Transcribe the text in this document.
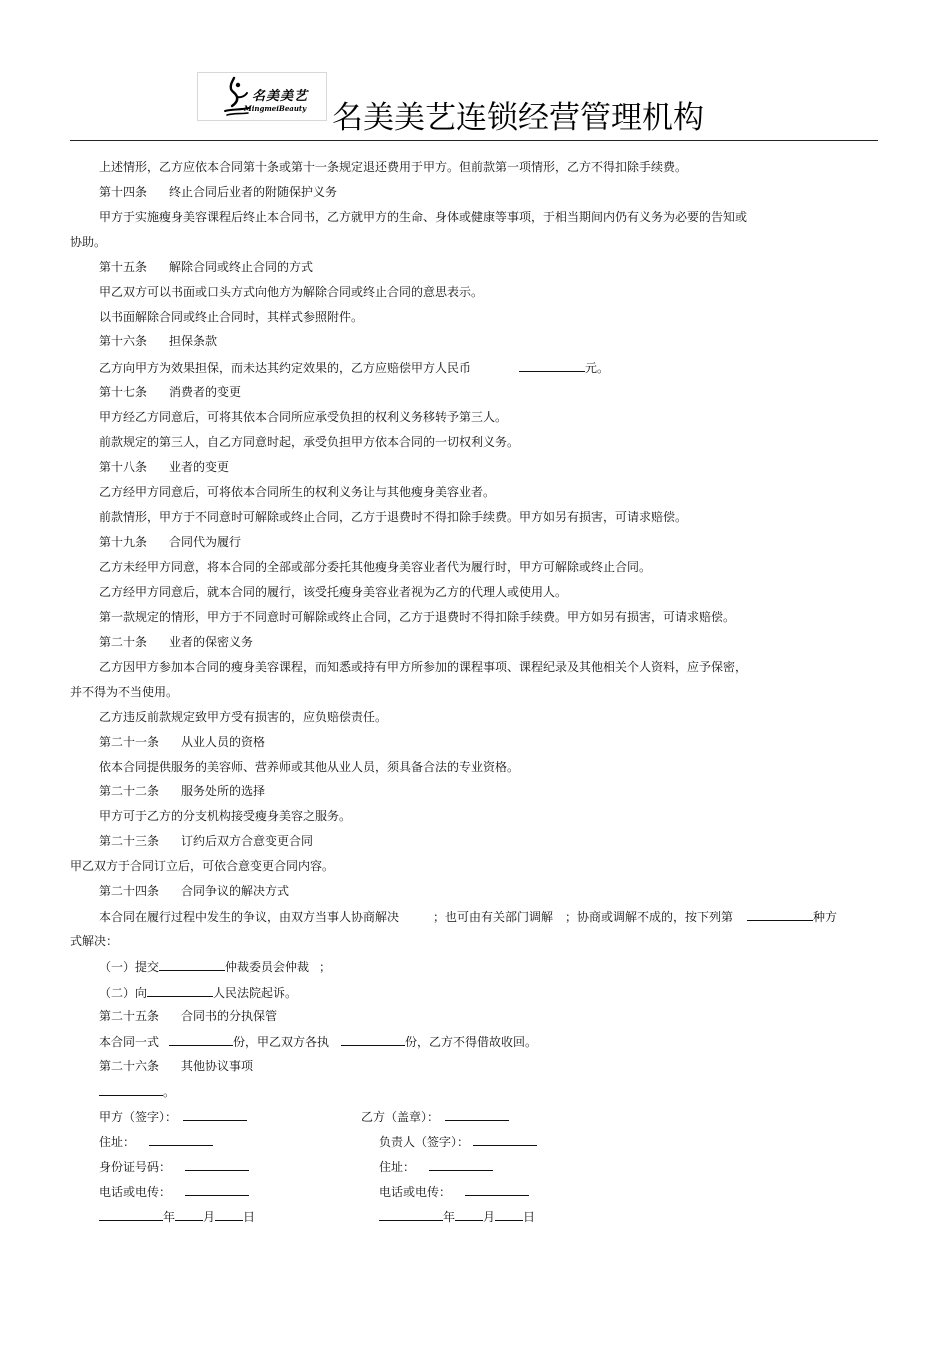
名美美艺
MingmeiBeauty 名美美艺连锁经营管理机构
上述情形，乙方应依本合同第十条或第十一条规定退还费用于甲方。但前款第一项情形，乙方不得扣除手续费。
第十四条 终止合同后业者的附随保护义务
甲方于实施瘦身美容课程后终止本合同书，乙方就甲方的生命、身体或健康等事项，于相当期间内仍有义务为必要的告知或
协助。
第十五条 解除合同或终止合同的方式
甲乙双方可以书面或口头方式向他方为解除合同或终止合同的意思表示。
以书面解除合同或终止合同时，其样式参照附件。
第十六条 担保条款
乙方向甲方为效果担保，而未达其约定效果的，乙方应赔偿甲方人民币	元。
第十七条 消费者的变更
甲方经乙方同意后，可将其依本合同所应承受负担的权利义务移转予第三人。
前款规定的第三人，自乙方同意时起，承受负担甲方依本合同的一切权利义务。
第十八条 业者的变更
乙方经甲方同意后，可将依本合同所生的权利义务让与其他瘦身美容业者。
前款情形，甲方于不同意时可解除或终止合同，乙方于退费时不得扣除手续费。甲方如另有损害，可请求赔偿。
第十九条 合同代为履行
乙方未经甲方同意，将本合同的全部或部分委托其他瘦身美容业者代为履行时，甲方可解除或终止合同。
乙方经甲方同意后，就本合同的履行，该受托瘦身美容业者视为乙方的代理人或使用人。
第一款规定的情形，甲方于不同意时可解除或终止合同，乙方于退费时不得扣除手续费。甲方如另有损害，可请求赔偿。
第二十条 业者的保密义务
乙方因甲方参加本合同的瘦身美容课程，而知悉或持有甲方所参加的课程事项、课程纪录及其他相关个人资料，应予保密，
并不得为不当使用。
乙方违反前款规定致甲方受有损害的，应负赔偿责任。
第二十一条 从业人员的资格
依本合同提供服务的美容师、营养师或其他从业人员，须具备合法的专业资格。
第二十二条 服务处所的选择
甲方可于乙方的分支机构接受瘦身美容之服务。
第二十三条 订约后双方合意变更合同
甲乙双方于合同订立后，可依合意变更合同内容。
第二十四条 合同争议的解决方式
本合同在履行过程中发生的争议，由双方当事人协商解决	；也可由有关部门调解 ；协商或调解不成的，按下列第	种方
式解决：
（一）提交	仲裁委员会仲裁 ；
（二）向	人民法院起诉。
第二十五条 合同书的分执保管
本合同一式	份，甲乙双方各执	份，乙方不得借故收回。
第二十六条 其他协议事项
。
甲方（签字）：	乙方（盖章）：
住址：	负责人（签字）：
身份证号码：	住址：
电话或电传：	电话或电传：
年 月 日	年 月 日
